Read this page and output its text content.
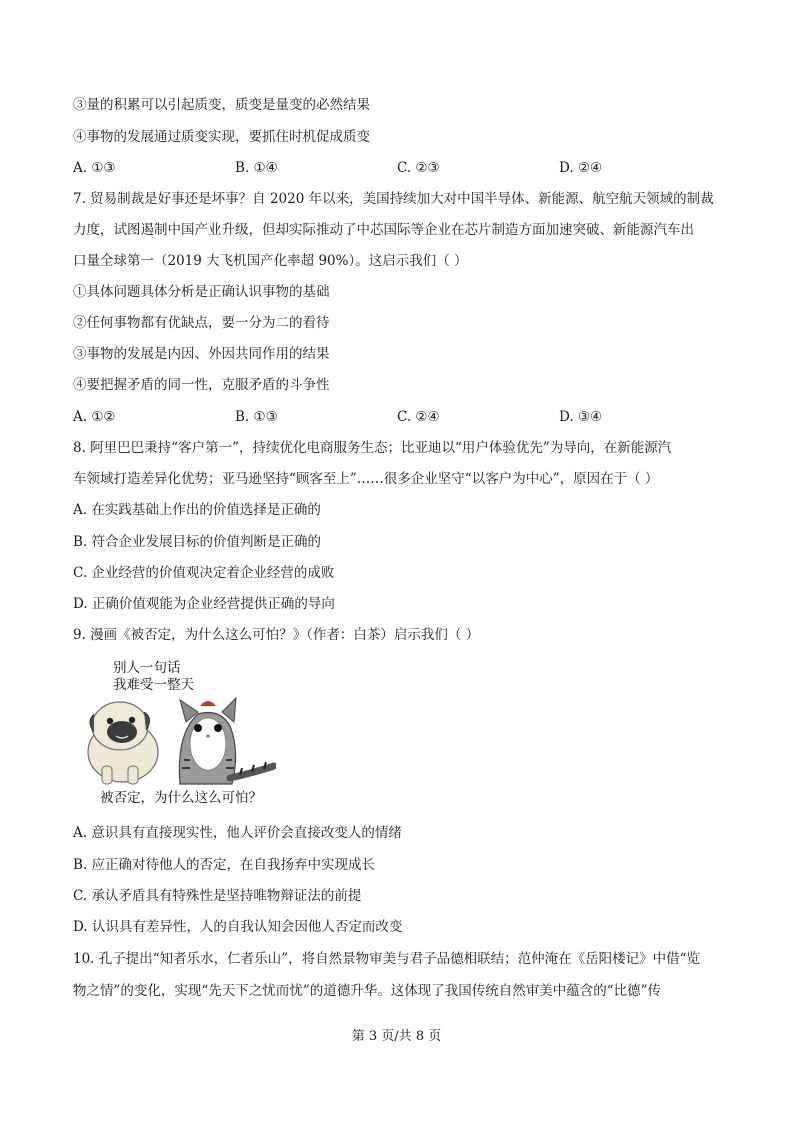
③量的积累可以引起质变，质变是量变的必然结果
④事物的发展通过质变实现，要抓住时机促成质变
A. ①③	B. ①④	C. ②③	D. ②④
7. 贸易制裁是好事还是坏事？自 2020 年以来，美国持续加大对中国半导体、新能源、航空航天领域的制裁
力度，试图遏制中国产业升级，但却实际推动了中芯国际等企业在芯片制造方面加速突破、新能源汽车出
口量全球第一（2019 大飞机国产化率超 90%）。这启示我们（ ）
①具体问题具体分析是正确认识事物的基础
②任何事物都有优缺点，要一分为二的看待
③事物的发展是内因、外因共同作用的结果
④要把握矛盾的同一性，克服矛盾的斗争性
A. ①②	B. ①③	C. ②④	D. ③④
8. 阿里巴巴秉持“客户第一”，持续优化电商服务生态；比亚迪以“用户体验优先”为导向，在新能源汽
车领域打造差异化优势；亚马逊坚持“顾客至上”……很多企业坚守“以客户为中心”，原因在于（ ）
A. 在实践基础上作出的价值选择是正确的
B. 符合企业发展目标的价值判断是正确的
C. 企业经营的价值观决定着企业经营的成败
D. 正确价值观能为企业经营提供正确的导向
9. 漫画《被否定，为什么这么可怕？》（作者：白茶）启示我们（ ）
别人一句话
我难受一整天
被否定，为什么这么可怕？
A. 意识具有直接现实性，他人评价会直接改变人的情绪
B. 应正确对待他人的否定，在自我扬弃中实现成长
C. 承认矛盾具有特殊性是坚持唯物辩证法的前提
D. 认识具有差异性，人的自我认知会因他人否定而改变
10. 孔子提出“知者乐水，仁者乐山”，将自然景物审美与君子品德相联结；范仲淹在《岳阳楼记》中借“览
物之情”的变化，实现“先天下之忧而忧”的道德升华。这体现了我国传统自然审美中蕴含的“比德”传
第 3 页/共 8 页
